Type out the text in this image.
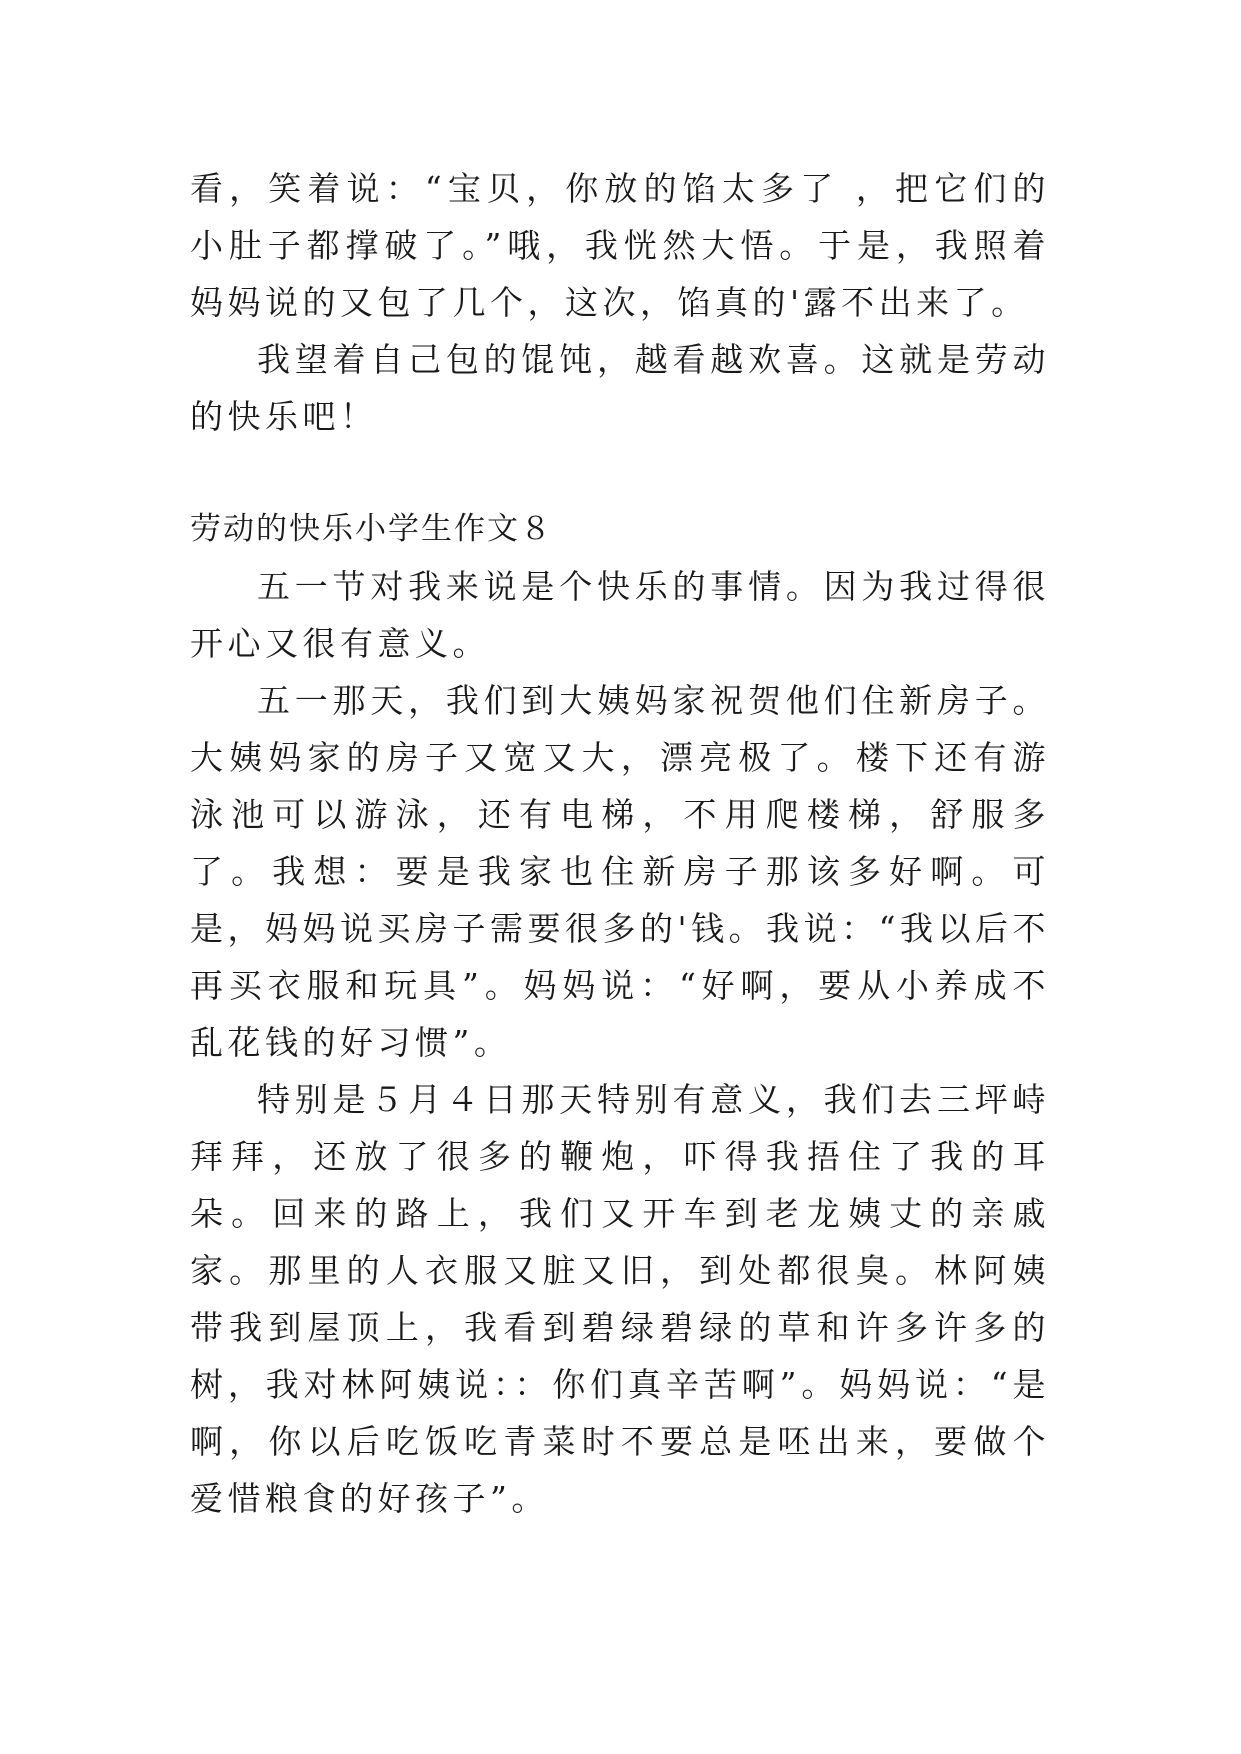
看，笑着说：“宝贝，你放的馅太多了 ，把它们的小肚子都撑破了。”哦，我恍然大悟。于是，我照着妈妈说的又包了几个，这次，馅真的'露不出来了。

我望着自己包的馄饨，越看越欢喜。这就是劳动的快乐吧！

劳动的快乐小学生作文８

五一节对我来说是个快乐的事情。因为我过得很开心又很有意义。

五一那天，我们到大姨妈家祝贺他们住新房子。大姨妈家的房子又宽又大，漂亮极了。楼下还有游泳池可以游泳，还有电梯，不用爬楼梯，舒服多了。我想：要是我家也住新房子那该多好啊。可是，妈妈说买房子需要很多的'钱。我说：“我以后不再买衣服和玩具”。妈妈说：“好啊，要从小养成不乱花钱的好习惯”。

特别是５月４日那天特别有意义，我们去三坪峙拜拜，还放了很多的鞭炮，吓得我捂住了我的耳朵。回来的路上，我们又开车到老龙姨丈的亲戚家。那里的人衣服又脏又旧，到处都很臭。林阿姨带我到屋顶上，我看到碧绿碧绿的草和许多许多的树，我对林阿姨说：：你们真辛苦啊”。妈妈说：“是啊，你以后吃饭吃青菜时不要总是呸出来，要做个爱惜粮食的好孩子”。
